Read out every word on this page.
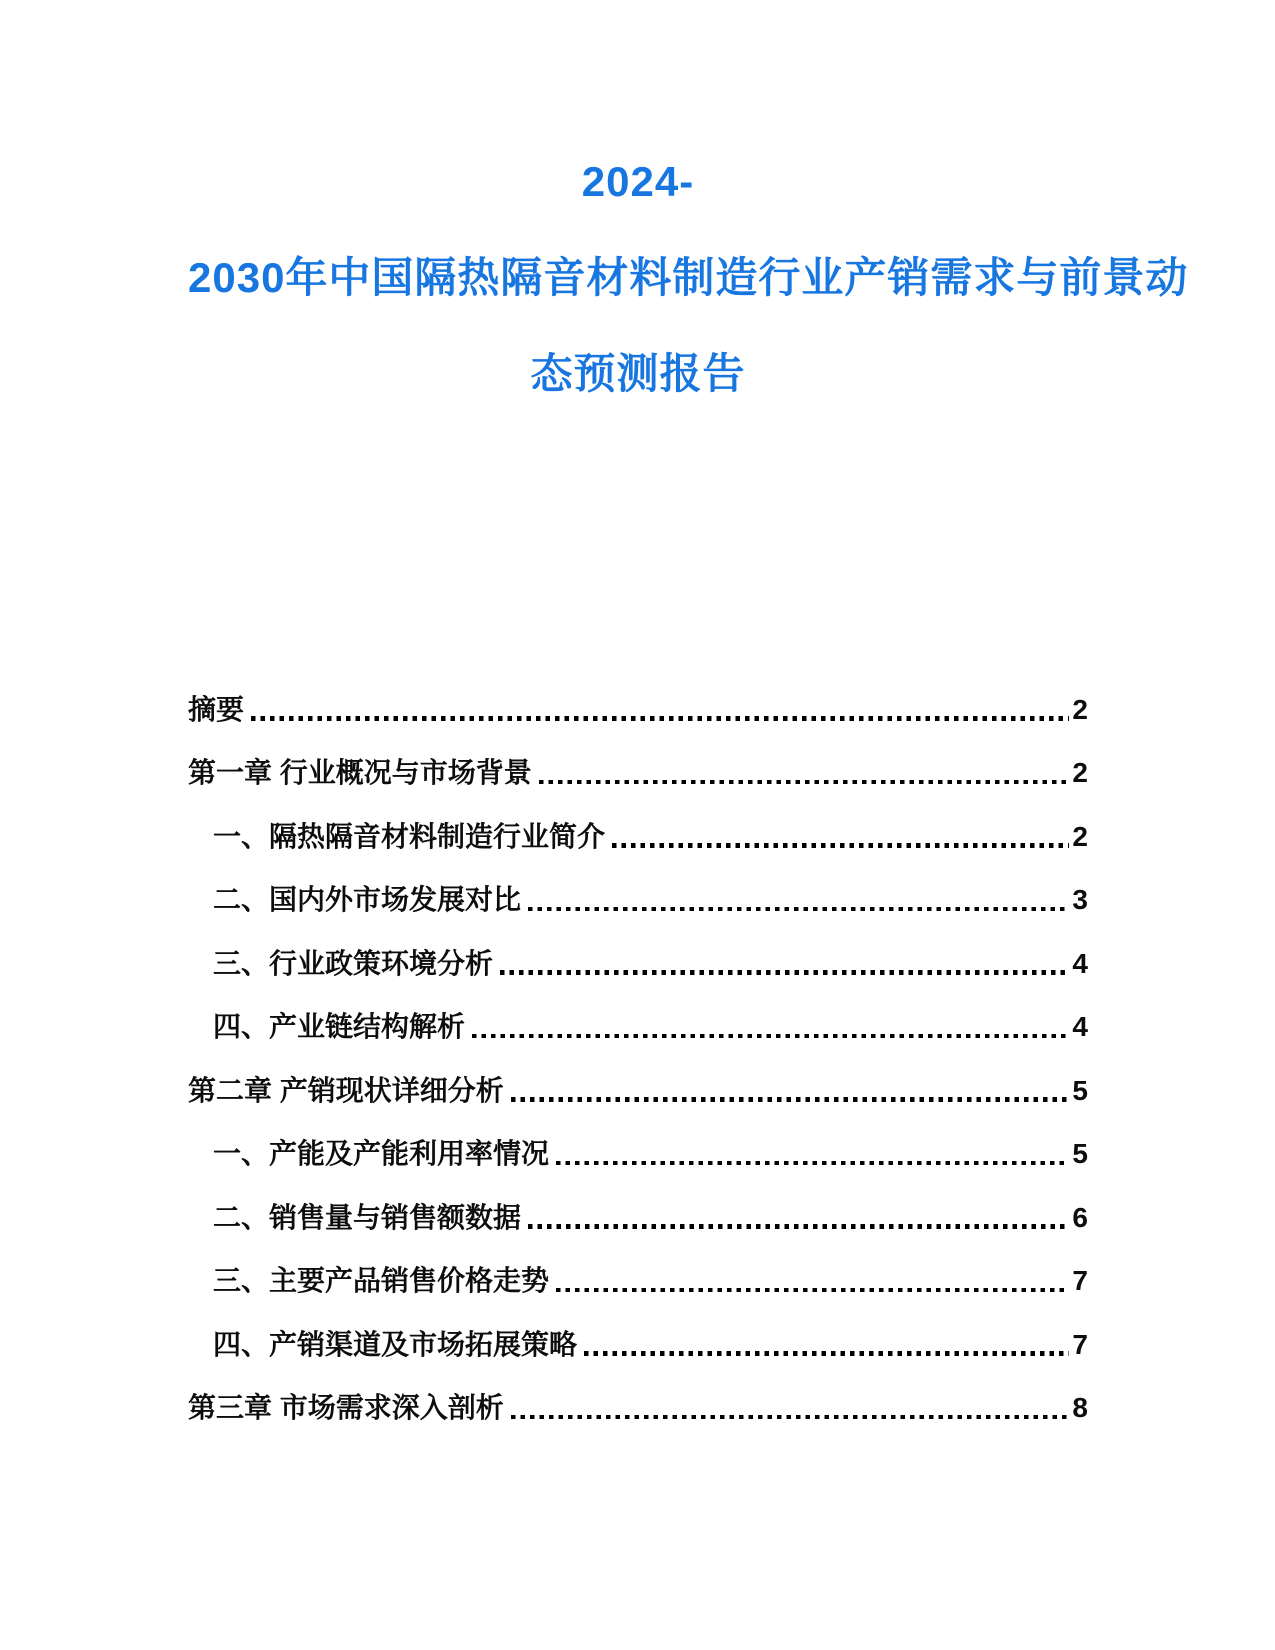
2024-
2030年中国隔热隔音材料制造行业产销需求与前景动
态预测报告
摘要	2
第一章 行业概况与市场背景	2
一、隔热隔音材料制造行业简介	2
二、国内外市场发展对比	3
三、行业政策环境分析	4
四、产业链结构解析	4
第二章 产销现状详细分析	5
一、产能及产能利用率情况	5
二、销售量与销售额数据	6
三、主要产品销售价格走势	7
四、产销渠道及市场拓展策略	7
第三章 市场需求深入剖析	8
